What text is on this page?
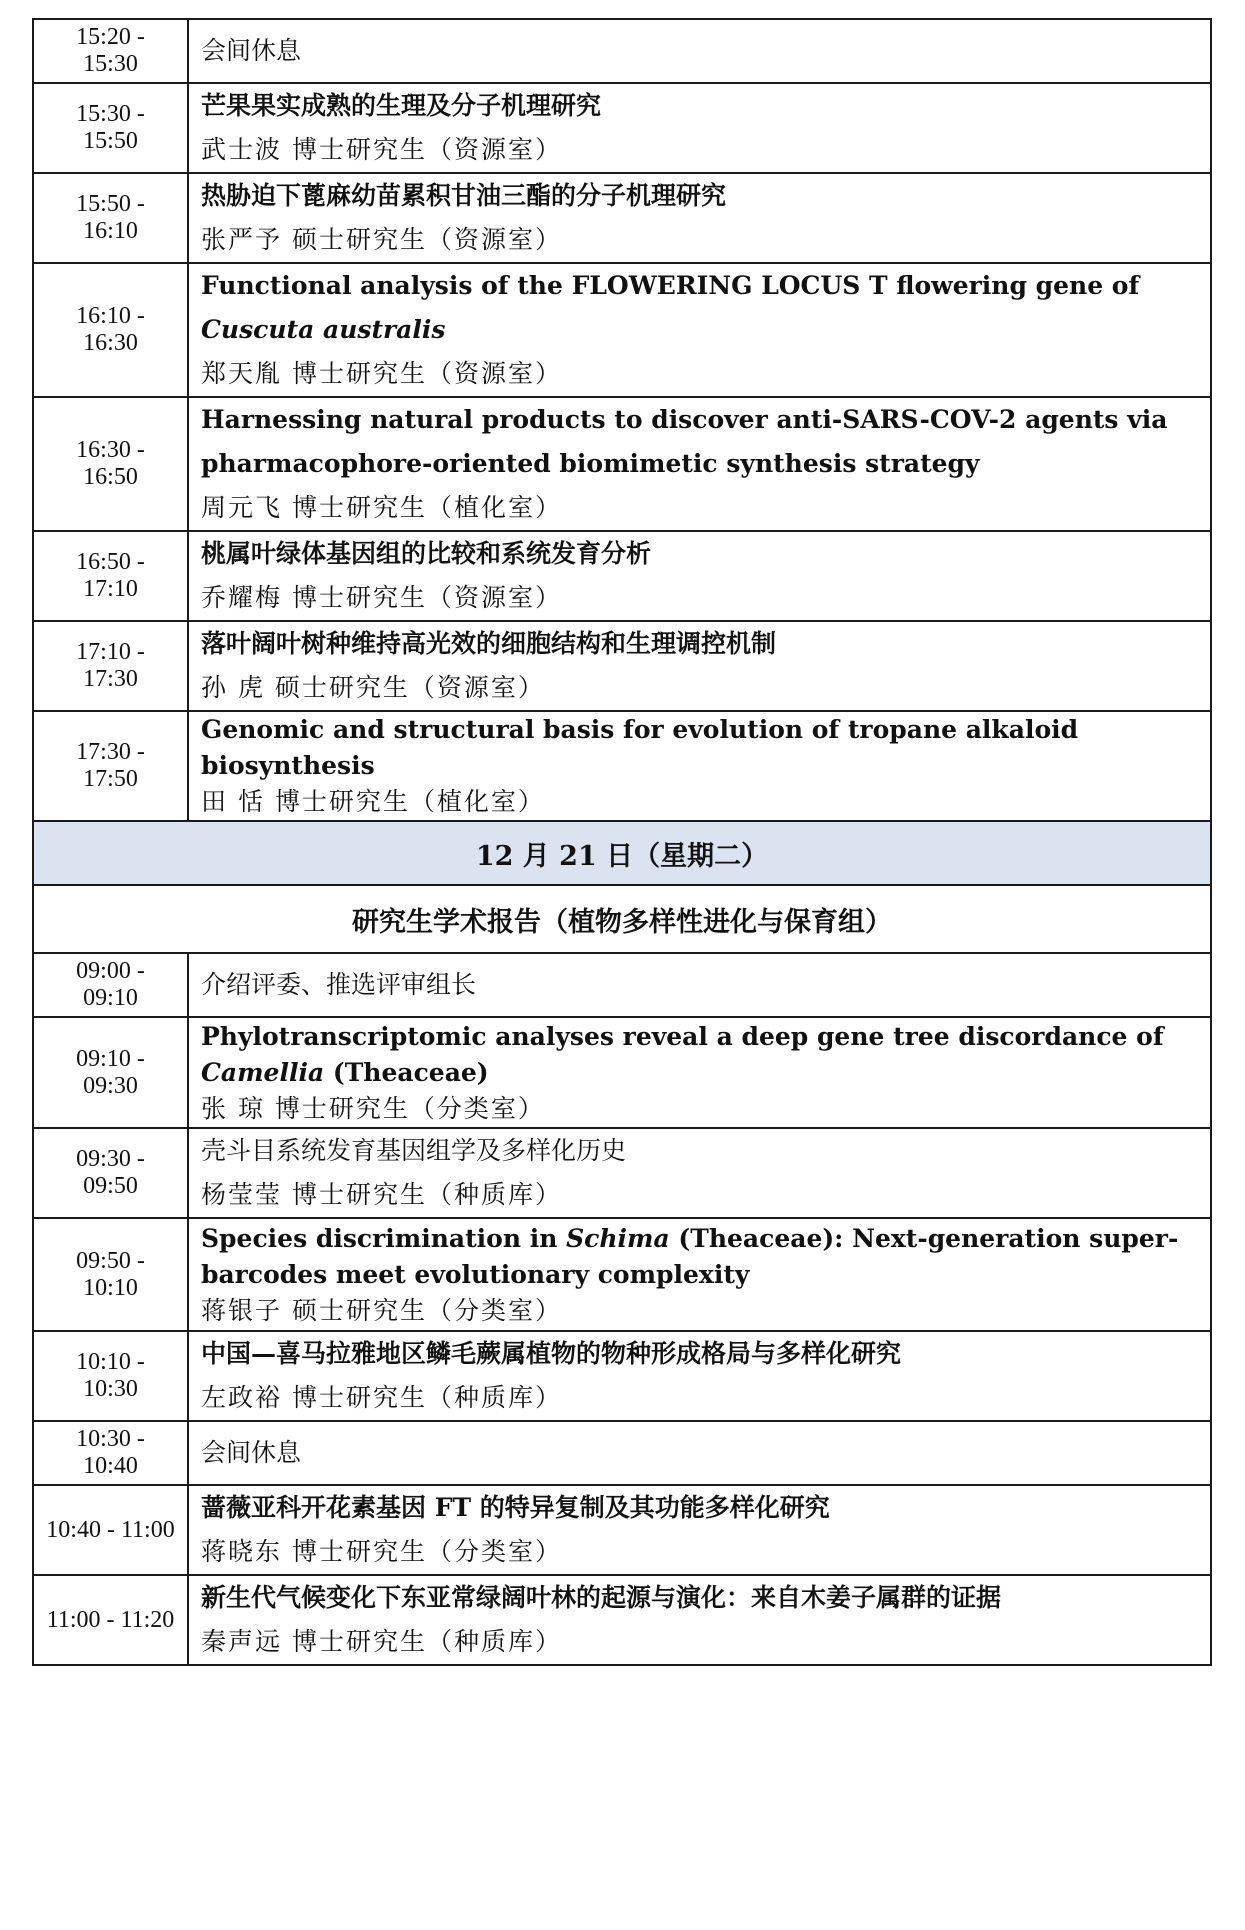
15:20 - 15:30	会间休息

15:30 - 15:50	芒果果实成熟的生理及分子机理研究
武士波 博士研究生（资源室）

15:50 - 16:10	热胁迫下蓖麻幼苗累积甘油三酯的分子机理研究
张严予 硕士研究生（资源室）

16:10 - 16:30	Functional analysis of the FLOWERING LOCUS T flowering gene of
Cuscuta australis
郑天胤 博士研究生（资源室）

16:30 - 16:50	Harnessing natural products to discover anti-SARS-COV-2 agents via pharmacophore-oriented biomimetic synthesis strategy
周元飞 博士研究生（植化室）

16:50 - 17:10	桃属叶绿体基因组的比较和系统发育分析
乔耀梅 博士研究生（资源室）

17:10 - 17:30	落叶阔叶树种维持高光效的细胞结构和生理调控机制
孙 虎 硕士研究生（资源室）

17:30 - 17:50	Genomic and structural basis for evolution of tropane alkaloid biosynthesis
田 恬 博士研究生（植化室）

12 月 21 日（星期二）	
研究生学术报告（植物多样性进化与保育组）	
09:00 - 09:10	介绍评委、推选评审组长

09:10 - 09:30	Phylotranscriptomic analyses reveal a deep gene tree discordance of
Camellia (Theaceae)
张 琼 博士研究生（分类室）

09:30 - 09:50	壳斗目系统发育基因组学及多样化历史
杨莹莹 博士研究生（种质库）

09:50 - 10:10	Species discrimination in Schima (Theaceae): Next-generation super-barcodes meet evolutionary complexity
蒋银子 硕士研究生（分类室）

10:10 - 10:30	中国—喜马拉雅地区鳞毛蕨属植物的物种形成格局与多样化研究
左政裕 博士研究生（种质库）

10:30 - 10:40	会间休息

10:40 - 11:00	蔷薇亚科开花素基因 FT 的特异复制及其功能多样化研究
蒋晓东 博士研究生（分类室）

11:00 - 11:20	新生代气候变化下东亚常绿阔叶林的起源与演化：来自木姜子属群的证据
秦声远 博士研究生（种质库）
